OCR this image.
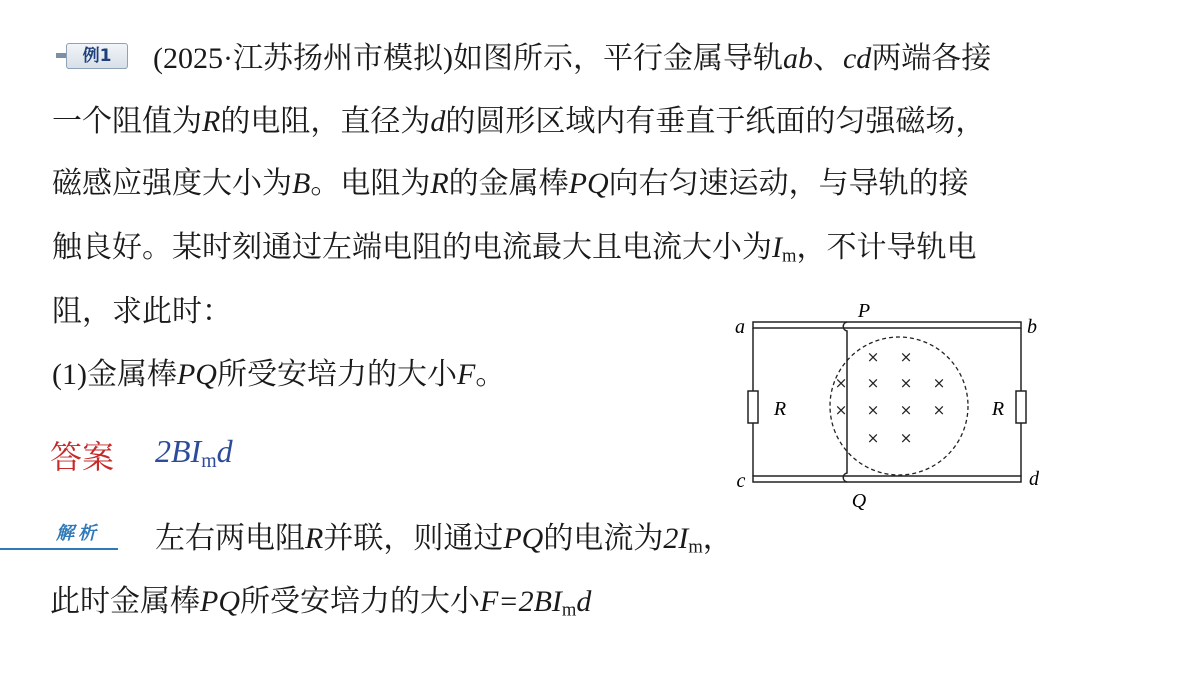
例1	(2025·江苏扬州市模拟)如图所示，平行金属导轨ab、cd两端各接
一个阻值为R的电阻，直径为d的圆形区域内有垂直于纸面的匀强磁场，
磁感应强度大小为B。电阻为R的金属棒PQ向右匀速运动，与导轨的接
触良好。某时刻通过左端电阻的电流最大且电流大小为$I_m$，不计导轨电
阻，求此时：
(1)金属棒PQ所受安培力的大小F。
答案 $2BI_md$
解析 左右两电阻R并联，则通过PQ的电流为$2I_m$，
此时金属棒PQ所受安培力的大小$F=2BI_md$
× ×
× × × ×
× × × ×
× ×
a	b
c	d
P
Q
R	R
